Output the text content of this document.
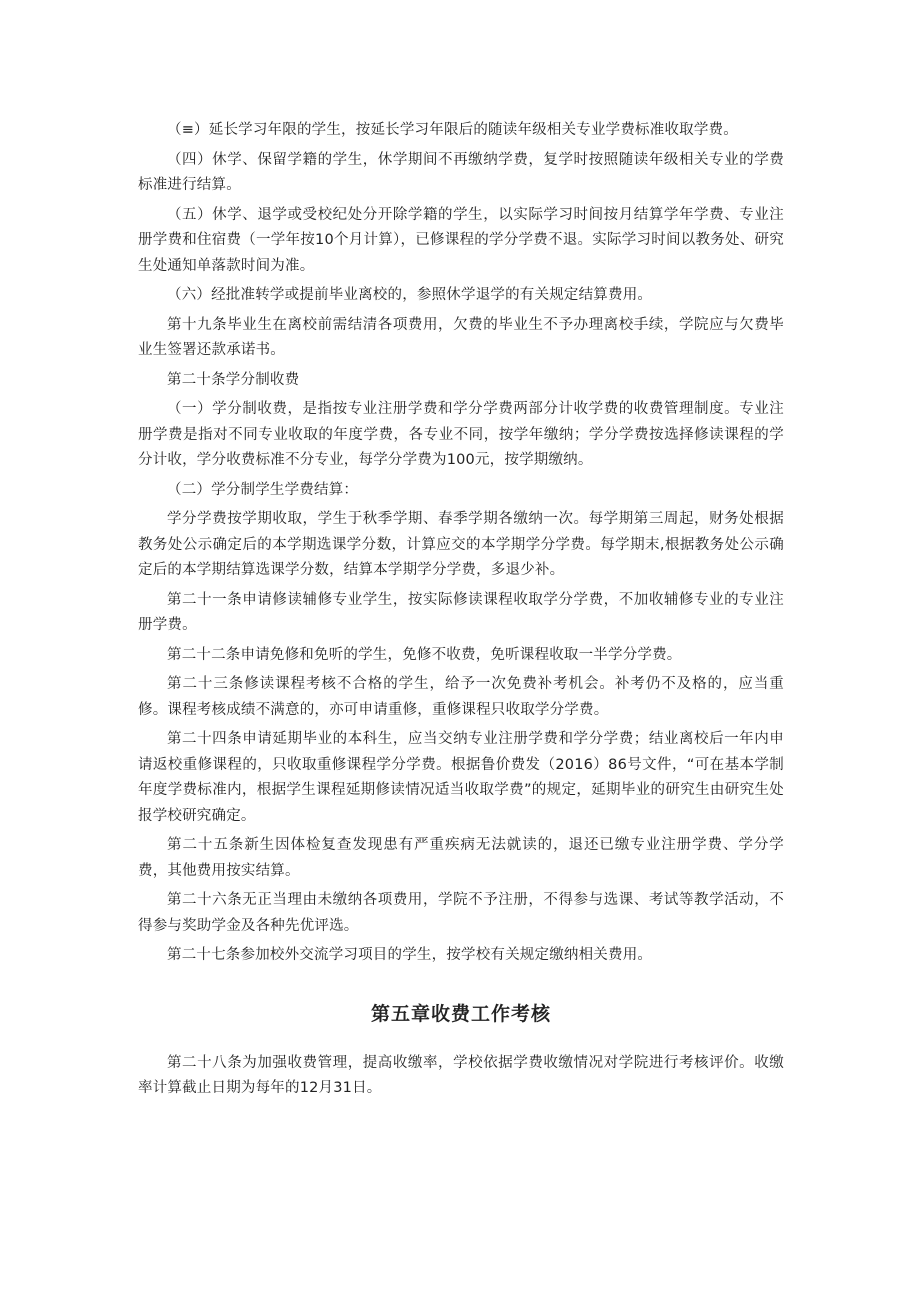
（≡）延长学习年限的学生，按延长学习年限后的随读年级相关专业学费标准收取学费。

（四）休学、保留学籍的学生，休学期间不再缴纳学费，复学时按照随读年级相关专业的学费标准进行结算。

（五）休学、退学或受校纪处分开除学籍的学生，以实际学习时间按月结算学年学费、专业注册学费和住宿费（一学年按10个月计算），已修课程的学分学费不退。实际学习时间以教务处、研究生处通知单落款时间为准。

（六）经批准转学或提前毕业离校的，参照休学退学的有关规定结算费用。

第十九条毕业生在离校前需结清各项费用，欠费的毕业生不予办理离校手续，学院应与欠费毕业生签署还款承诺书。

第二十条学分制收费

（一）学分制收费，是指按专业注册学费和学分学费两部分计收学费的收费管理制度。专业注册学费是指对不同专业收取的年度学费，各专业不同，按学年缴纳；学分学费按选择修读课程的学分计收，学分收费标准不分专业，每学分学费为100元，按学期缴纳。

（二）学分制学生学费结算：

学分学费按学期收取，学生于秋季学期、春季学期各缴纳一次。每学期第三周起，财务处根据教务处公示确定后的本学期选课学分数，计算应交的本学期学分学费。每学期末,根据教务处公示确定后的本学期结算选课学分数，结算本学期学分学费，多退少补。

第二十一条申请修读辅修专业学生，按实际修读课程收取学分学费，不加收辅修专业的专业注册学费。

第二十二条申请免修和免听的学生，免修不收费，免听课程收取一半学分学费。

第二十三条修读课程考核不合格的学生，给予一次免费补考机会。补考仍不及格的，应当重修。课程考核成绩不满意的，亦可申请重修，重修课程只收取学分学费。

第二十四条申请延期毕业的本科生，应当交纳专业注册学费和学分学费；结业离校后一年内申请返校重修课程的，只收取重修课程学分学费。根据鲁价费发（2016）86号文件，“可在基本学制年度学费标准内，根据学生课程延期修读情况适当收取学费”的规定，延期毕业的研究生由研究生处报学校研究确定。

第二十五条新生因体检复查发现患有严重疾病无法就读的，退还已缴专业注册学费、学分学费，其他费用按实结算。

第二十六条无正当理由未缴纳各项费用，学院不予注册，不得参与选课、考试等教学活动，不得参与奖助学金及各种先优评选。

第二十七条参加校外交流学习项目的学生，按学校有关规定缴纳相关费用。

第五章收费工作考核

第二十八条为加强收费管理，提高收缴率，学校依据学费收缴情况对学院进行考核评价。收缴率计算截止日期为每年的12月31日。
